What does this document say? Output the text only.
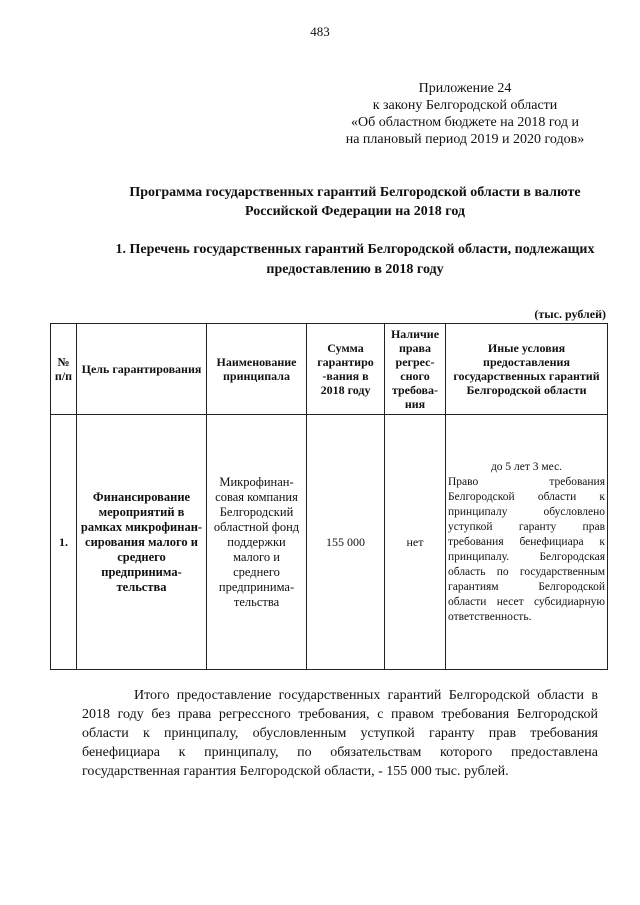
483
Приложение 24
к закону Белгородской области
«Об областном бюджете на 2018 год и
на плановый период 2019 и 2020 годов»
Программа государственных гарантий Белгородской области в валюте Российской Федерации на 2018 год
1. Перечень государственных гарантий Белгородской области, подлежащих предоставлению в 2018 году
(тыс. рублей)
№ п/п	Цель гарантирования	Наименование принципала	Сумма гарантиро -вания в 2018 году	Наличие права регрес-сного требова-ния	Иные условия предоставления государственных гарантий Белгородской области
1.	Финансирование мероприятий в рамках микрофинан-сирования малого и среднего предпринима-тельства	Микрофинан-совая компания Белгородский областной фонд поддержки малого и среднего предпринима-тельства	155 000	нет	до 5 лет 3 мес.
Право требования Белгородской области к принципалу обусловлено уступкой гаранту прав требования бенефициара к принципалу. Белгородская область по государственным гарантиям Белгородской области несет субсидиарную ответственность.
Итого предоставление государственных гарантий Белгородской области в 2018 году без права регрессного требования, с правом требования Белгородской области к принципалу, обусловленным уступкой гаранту прав требования бенефициара к принципалу, по обязательствам которого предоставлена государственная гарантия Белгородской области, - 155 000 тыс. рублей.
